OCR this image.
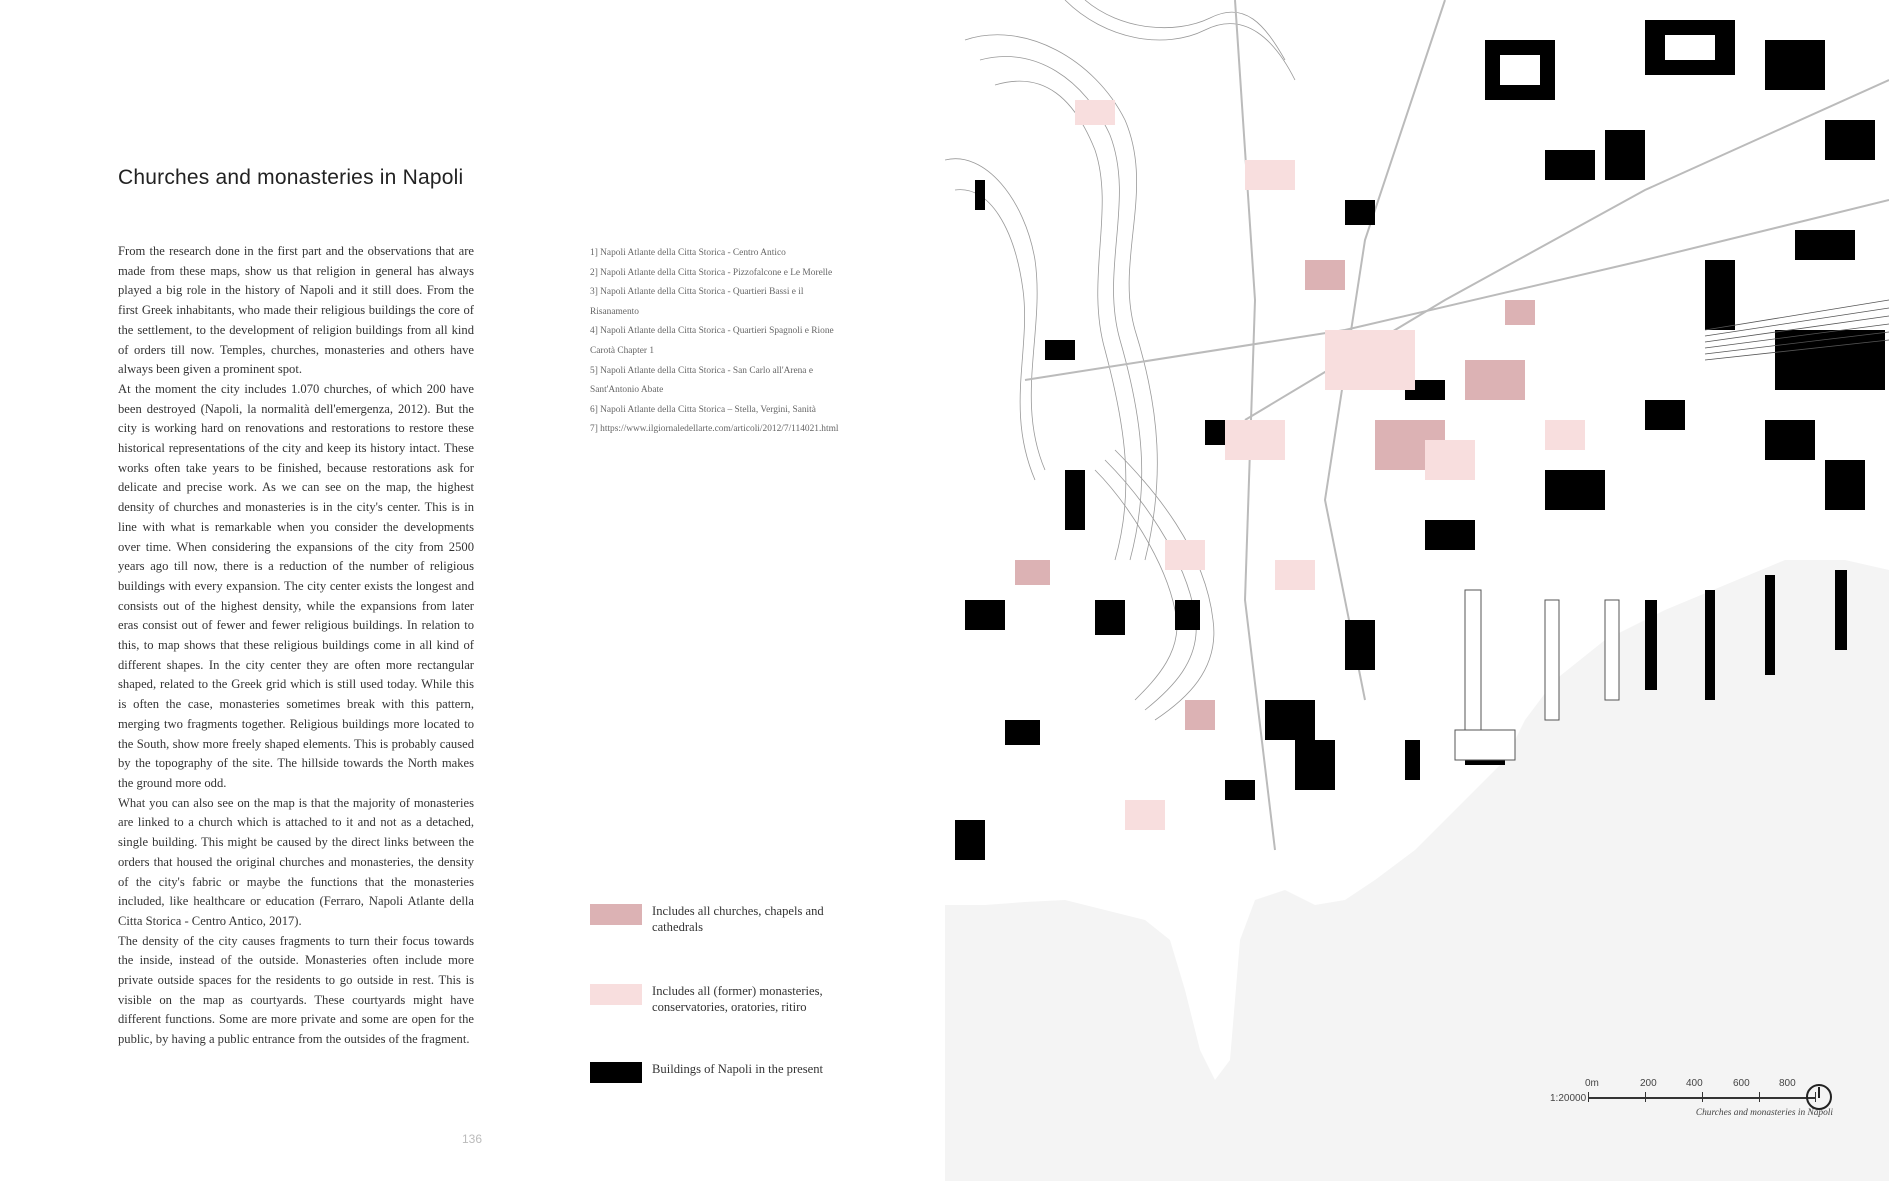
Churches and monasteries in Napoli

From the research done in the first part and the observations that are made from these maps, show us that religion in general has always played a big role in the history of Napoli and it still does. From the first Greek inhabitants, who made their religious buildings the core of the settlement, to the development of religion buildings from all kind of orders till now. Temples, churches, monasteries and others have always been given a prominent spot.

At the moment the city includes 1.070 churches, of which 200 have been destroyed (Napoli, la normalità dell'emergenza, 2012). But the city is working hard on renovations and restorations to restore these historical representations of the city and keep its history intact. These works often take years to be finished, because restorations ask for delicate and precise work. As we can see on the map, the highest density of churches and monasteries is in the city's center. This is in line with what is remarkable when you consider the developments over time. When considering the expansions of the city from 2500 years ago till now, there is a reduction of the number of religious buildings with every expansion. The city center exists the longest and consists out of the highest density, while the expansions from later eras consist out of fewer and fewer religious buildings. In relation to this, to map shows that these religious buildings come in all kind of different shapes. In the city center they are often more rectangular shaped, related to the Greek grid which is still used today. While this is often the case, monasteries sometimes break with this pattern, merging two fragments together. Religious buildings more located to the South, show more freely shaped elements. This is probably caused by the topography of the site. The hillside towards the North makes the ground more odd.

What you can also see on the map is that the majority of monasteries are linked to a church which is attached to it and not as a detached, single building. This might be caused by the direct links between the orders that housed the original churches and monasteries, the density of the city's fabric or maybe the functions that the monasteries included, like healthcare or education (Ferraro, Napoli Atlante della Citta Storica - Centro Antico, 2017).

The density of the city causes fragments to turn their focus towards the inside, instead of the outside. Monasteries often include more private outside spaces for the residents to go outside in rest. This is visible on the map as courtyards. These courtyards might have different functions. Some are more private and some are open for the public, by having a public entrance from the outsides of the fragment.

1] Napoli Atlante della Citta Storica - Centro Antico
2] Napoli Atlante della Citta Storica - Pizzofalcone e Le Morelle
3] Napoli Atlante della Citta Storica - Quartieri Bassi e il Risanamento
4] Napoli Atlante della Citta Storica - Quartieri Spagnoli e Rione Carotà Chapter 1
5] Napoli Atlante della Citta Storica - San Carlo all'Arena e Sant'Antonio Abate
6] Napoli Atlante della Citta Storica – Stella, Vergini, Sanità
7] https://www.ilgiornaledellarte.com/articoli/2012/7/114021.html
Includes all churches, chapels and cathedrals
Includes all (former) monasteries, conservatories, oratories, ritiro
Buildings of Napoli in the present
136
0m	200	400	600	800
1:20000
Churches and monasteries in Napoli
